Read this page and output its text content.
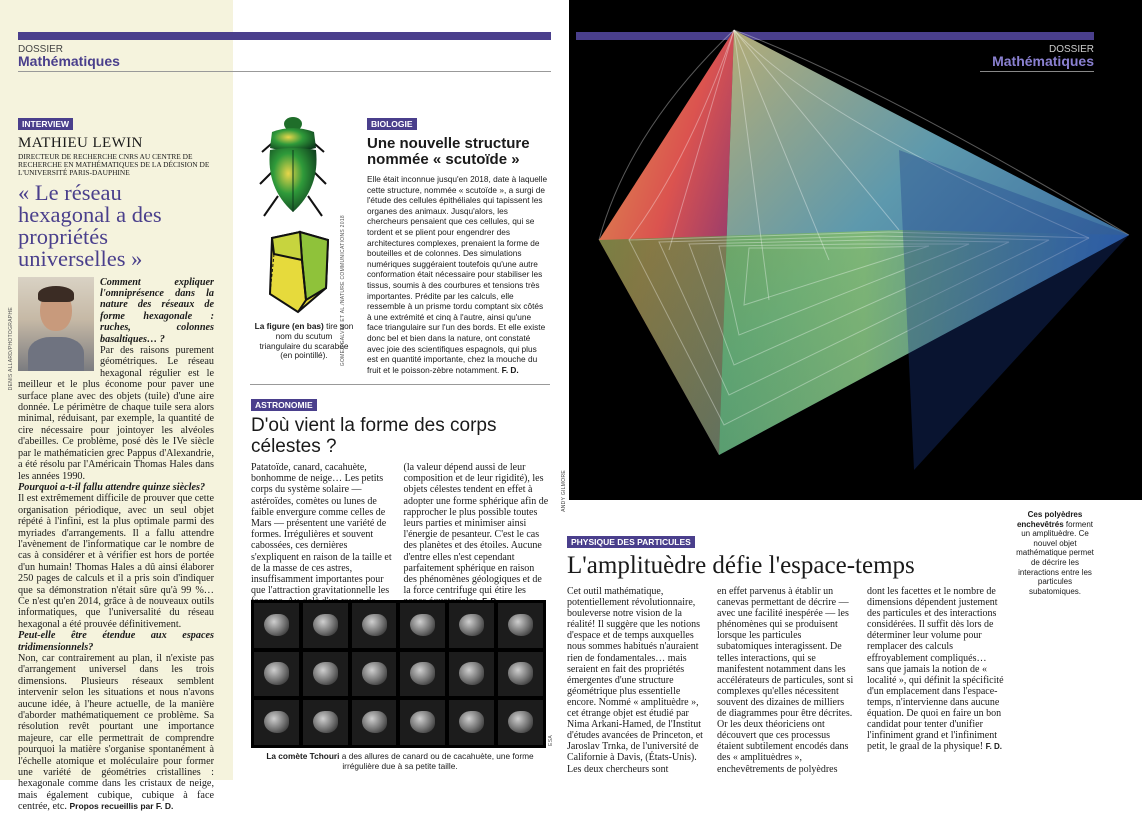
DOSSIER
Mathématiques
DOSSIER
Mathématiques
INTERVIEW
MATHIEU LEWIN
DIRECTEUR DE RECHERCHE CNRS AU CENTRE DE RECHERCHE EN MATHÉMATIQUES DE LA DÉCISION DE L'UNIVERSITÉ PARIS-DAUPHINE
« Le réseau hexagonal a des propriétés universelles »
DENIS ALLARD/PHOTOGRAPHE
Comment expliquer l'omniprésence dans la nature des réseaux de forme hexagonale : ruches, colonnes basaltiques… ?
Par des raisons purement géométriques. Le réseau hexagonal régulier est le meilleur et le plus économe pour paver une surface plane avec des objets (tuile) d'une aire donnée. Le périmètre de chaque tuile sera alors minimal, réduisant, par exemple, la quantité de cire nécessaire pour jointoyer les alvéoles d'abeilles. Ce problème, posé dès le IVe siècle par le mathématicien grec Pappus d'Alexandrie, a été résolu par l'Américain Thomas Hales dans les années 1990.
Pourquoi a-t-il fallu attendre quinze siècles?
Il est extrêmement difficile de prouver que cette organisation périodique, avec un seul objet répété à l'infini, est la plus optimale parmi des myriades d'arrangements. Il a fallu attendre l'avènement de l'informatique car le nombre de cas à considérer et à vérifier est hors de portée d'un humain! Thomas Hales a dû ainsi élaborer 250 pages de calculs et il a pris soin d'indiquer que sa démonstration n'était sûre qu'à 99 %… Ce n'est qu'en 2014, grâce à de nouveaux outils informatiques, que l'universalité du réseau hexagonal a été prouvée définitivement.
Peut-elle être étendue aux espaces tridimensionnels?
Non, car contrairement au plan, il n'existe pas d'arrangement universel dans les trois dimensions. Plusieurs réseaux semblent intervenir selon les situations et nous n'avons aucune idée, à l'heure actuelle, de la manière d'aborder mathématiquement ce problème. Sa résolution revêt pourtant une importance majeure, car elle permettrait de comprendre pourquoi la matière s'organise spontanément à l'échelle atomique et moléculaire pour former une variété de géométries cristallines : hexagonale comme dans les cristaux de neige, mais également cubique, cubique à face centrée, etc. Propos recueillis par F. D.
GOMEZ-GALVEZ ET AL./NATURE COMMUNICATIONS 2018
La figure (en bas) tire son nom du scutum triangulaire du scarabée (en pointillé).
BIOLOGIE
Une nouvelle structure nommée « scutoïde »
Elle était inconnue jusqu'en 2018, date à laquelle cette structure, nommée « scutoïde », a surgi de l'étude des cellules épithéliales qui tapissent les organes des animaux. Jusqu'alors, les chercheurs pensaient que ces cellules, qui se tordent et se plient pour engendrer des architectures complexes, prenaient la forme de bouteilles et de colonnes. Des simulations numériques suggéraient toutefois qu'une autre conformation était nécessaire pour stabiliser les tissus, soumis à des courbures et tensions très importantes. Prédite par les calculs, elle ressemble à un prisme tordu comptant six côtés à une extrémité et cinq à l'autre, ainsi qu'une face triangulaire sur l'un des bords. Et elle existe donc bel et bien dans la nature, ont constaté avec joie des scientifiques espagnols, qui plus est en quantité importante, chez la mouche du fruit et le poisson-zèbre notamment. F. D.
ASTRONOMIE
D'où vient la forme des corps célestes ?
Patatoïde, canard, cacahuète, bonhomme de neige… Les petits corps du système solaire — astéroïdes, comètes ou lunes de faible envergure comme celles de Mars — présentent une variété de formes. Irrégulières et souvent cabossées, ces dernières s'expliquent en raison de la taille et de la masse de ces astres, insuffisamment importantes pour que l'attraction gravitationnelle les
(la valeur dépend aussi de leur composition et de leur rigidité), les objets célestes tendent en effet à adopter une forme sphérique afin de rapprocher le plus possible toutes leurs parties et minimiser ainsi l'énergie de pesanteur. C'est le cas des planètes et des étoiles. Aucune d'entre elles n'est cependant parfaitement sphérique en raison des phénomènes géologiques et de la force centrifuge qui étire les
ESA
La comète Tchouri a des allures de canard ou de cacahuète, une forme irrégulière due à sa petite taille.
ANDY GILMORE
Ces polyèdres enchevêtrés forment un amplituèdre. Ce nouvel objet mathématique permet de décrire les interactions entre les particules subatomiques.
PHYSIQUE DES PARTICULES
L'amplituèdre défie l'espace-temps
Cet outil mathématique, potentiellement révolutionnaire, bouleverse notre vision de la réalité! Il suggère que les notions d'espace et de temps auxquelles nous sommes habitués n'auraient rien de fondamentales… mais seraient en fait des propriétés émergentes d'une structure géométrique plus essentielle encore. Nommé « amplituèdre », cet étrange objet est étudié par Nima Arkani-Hamed, de l'Institut d'études avancées de Princeton, et Jaroslav Trnka, de l'université de Californie à Davis, (États-Unis). Les deux chercheurs sont
en effet parvenus à établir un canevas permettant de décrire — avec une facilité inespérée — les phénomènes qui se produisent lorsque les particules subatomiques interagissent. De telles interactions, qui se manifestent notamment dans les accélérateurs de particules, sont si complexes qu'elles nécessitent souvent des dizaines de milliers de diagrammes pour être décrites. Or les deux théoriciens ont découvert que ces processus étaient subtilement encodés dans des « amplituèdres », enchevêtrements de polyèdres
dont les facettes et le nombre de dimensions dépendent justement des particules et des interactions considérées. Il suffit dès lors de déterminer leur volume pour remplacer des calculs effroyablement compliqués… sans que jamais la notion de « localité », qui définit la spécificité d'un emplacement dans l'espace-temps, n'intervienne dans aucune équation. De quoi en faire un bon candidat pour tenter d'unifier l'infiniment grand et l'infiniment petit, le graal de la physique! F. D.
